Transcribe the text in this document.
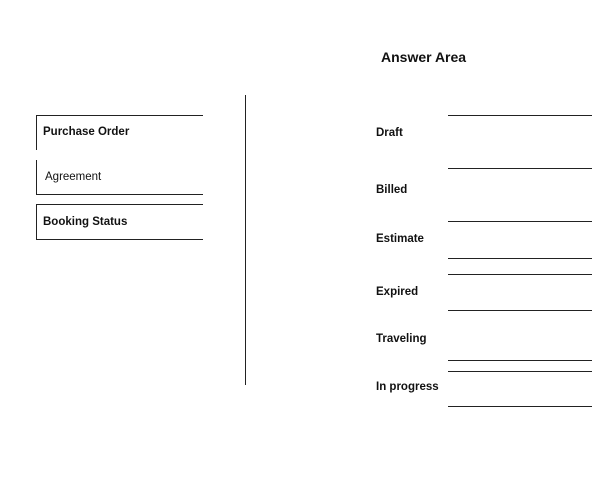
Answer Area
Purchase Order
Agreement
Booking Status
Draft
Billed
Estimate
Expired
Traveling
In progress
